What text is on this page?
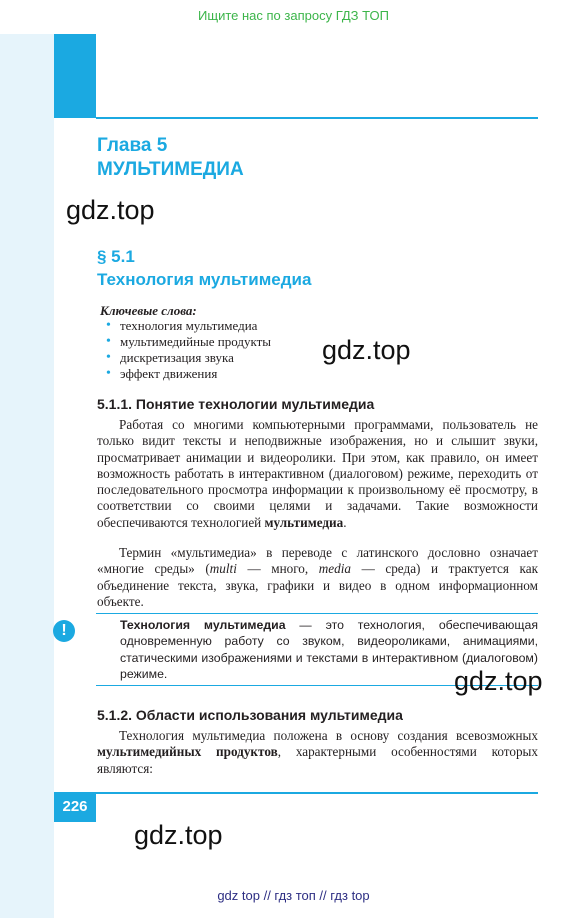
Ищите нас по запросу ГДЗ ТОП
Глава 5
МУЛЬТИМЕДИА
gdz.top
§ 5.1
Технология мультимедиа
Ключевые слова:
• технология мультимедиа
• мультимедийные продукты
• дискретизация звука
• эффект движения
gdz.top
5.1.1. Понятие технологии мультимедиа

Работая со многими компьютерными программами, пользователь не только видит тексты и неподвижные изображения, но и слышит звуки, просматривает анимации и видеоролики. При этом, как правило, он имеет возможность работать в интерактивном (диалоговом) режиме, переходить от последовательного просмотра информации к произвольному её просмотру, в соответствии со своими целями и задачами. Такие возможности обеспечиваются технологией мультимедиа.

Термин «мультимедиа» в переводе с латинского дословно означает «многие среды» (multi — много, media — среда) и трактуется как объединение текста, звука, графики и видео в одном информационном объекте.

!	Технология мультимедиа — это технология, обеспечивающая одновременную работу со звуком, видеороликами, анимациями, статическими изображениями и текстами в интерактивном (диалоговом) режиме.	gdz.top
5.1.2. Области использования мультимедиа

Технология мультимедиа положена в основу создания всевозможных мультимедийных продуктов, характерными особенностями которых являются:

226
gdz.top
gdz top // гдз топ // гдз top
